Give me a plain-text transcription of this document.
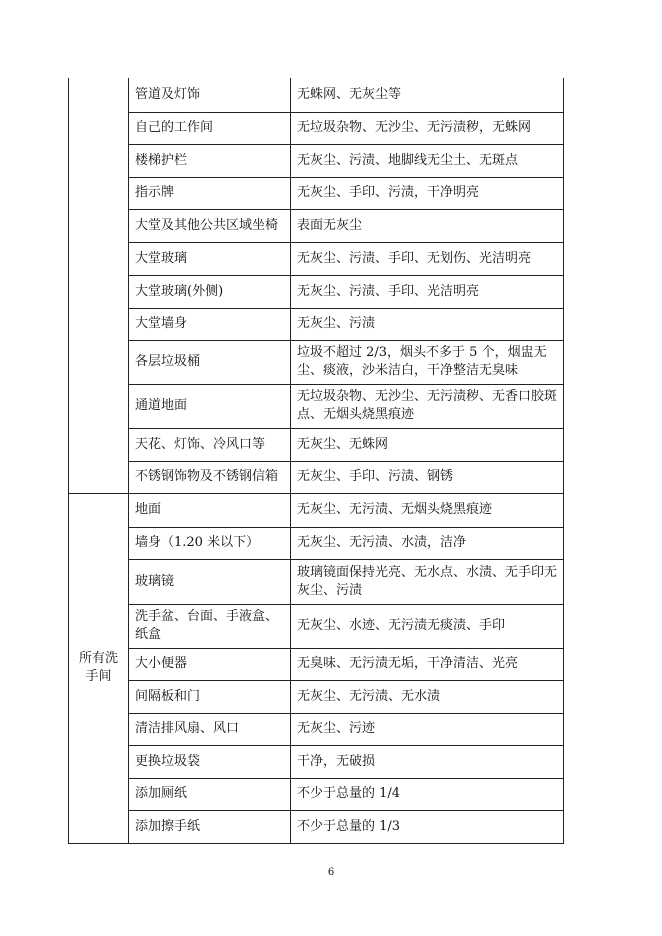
	管道及灯饰	无蛛网、无灰尘等
	自己的工作间	无垃圾杂物、无沙尘、无污渍秽，无蛛网
	楼梯护栏	无灰尘、污渍、地脚线无尘土、无斑点
	指示牌	无灰尘、手印、污渍，干净明亮
	大堂及其他公共区域坐椅	表面无灰尘
	大堂玻璃	无灰尘、污渍、手印、无划伤、光洁明亮
	大堂玻璃(外侧)	无灰尘、污渍、手印、光洁明亮
	大堂墙身	无灰尘、污渍
	各层垃圾桶	垃圾不超过 2/3，烟头不多于 5 个，烟盅无尘、痰液，沙米洁白，干净整洁无臭味
	通道地面	无垃圾杂物、无沙尘、无污渍秽、无香口胶斑点、无烟头烧黑痕迹
	天花、灯饰、冷风口等	无灰尘、无蛛网
	不锈钢饰物及不锈钢信箱	无灰尘、手印、污渍、钢锈
所有洗手间	地面	无灰尘、无污渍、无烟头烧黑痕迹
	墙身（1.20 米以下）	无灰尘、无污渍、水渍，洁净
	玻璃镜	玻璃镜面保持光亮、无水点、水渍、无手印无灰尘、污渍
	洗手盆、台面、手液盒、纸盒	无灰尘、水迹、无污渍无痰渍、手印
	大小便器	无臭味、无污渍无垢，干净清洁、光亮
	间隔板和门	无灰尘、无污渍、无水渍
	清洁排风扇、风口	无灰尘、污迹
	更换垃圾袋	干净，无破损
	添加厕纸	不少于总量的 1/4
	添加擦手纸	不少于总量的 1/3
6
